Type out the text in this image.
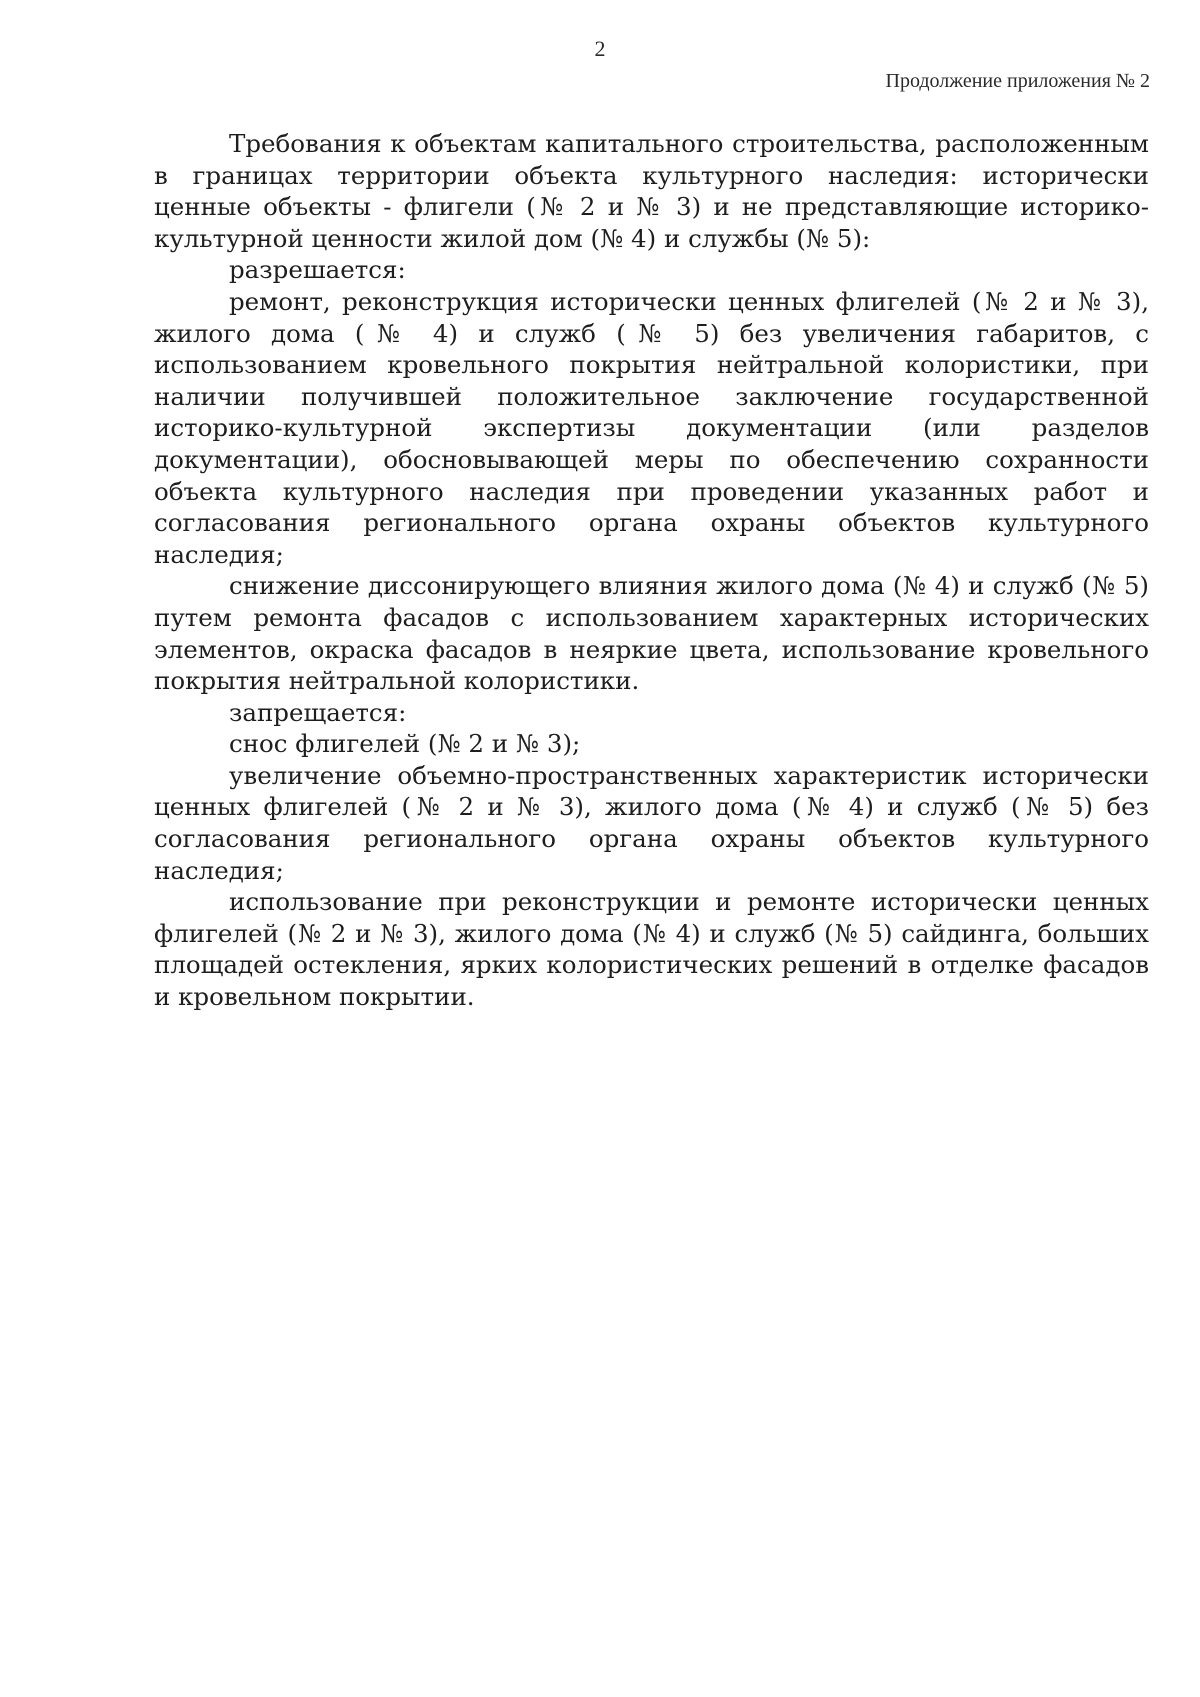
2
Продолжение приложения № 2

Требования к объектам капитального строительства, расположенным в границах территории объекта культурного наследия: исторически ценные объекты - флигели (№ 2 и № 3) и не представляющие историко-культурной ценности жилой дом (№ 4) и службы (№ 5):

разрешается:

ремонт, реконструкция исторически ценных флигелей (№ 2 и № 3), жилого дома (№ 4) и служб (№ 5) без увеличения габаритов, с использованием кровельного покрытия нейтральной колористики, при наличии получившей положительное заключение государственной историко-культурной экспертизы документации (или разделов документации), обосновывающей меры по обеспечению сохранности объекта культурного наследия при проведении указанных работ и согласования регионального органа охраны объектов культурного наследия;

снижение диссонирующего влияния жилого дома (№ 4) и служб (№ 5) путем ремонта фасадов с использованием характерных исторических элементов, окраска фасадов в неяркие цвета, использование кровельного покрытия нейтральной колористики.

запрещается:

снос флигелей (№ 2 и № 3);

увеличение объемно-пространственных характеристик исторически ценных флигелей (№ 2 и № 3), жилого дома (№ 4) и служб (№ 5) без согласования регионального органа охраны объектов культурного наследия;

использование при реконструкции и ремонте исторически ценных флигелей (№ 2 и № 3), жилого дома (№ 4) и служб (№ 5) сайдинга, больших площадей остекления, ярких колористических решений в отделке фасадов и кровельном покрытии.
